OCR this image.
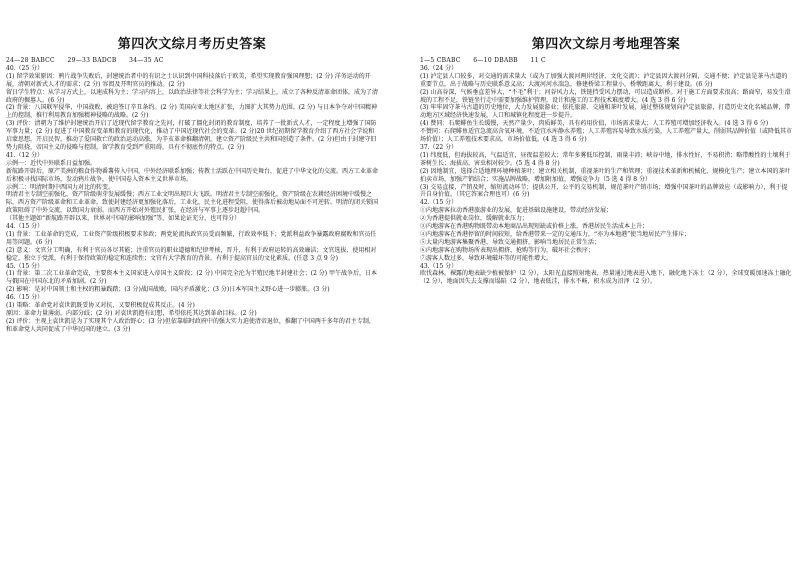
第四次文综月考历史答案

24—28 BABCC　　29—33 BADCB　　34—35 AC

40.（25 分）

(1) 留学效果原因：鸦片战争失败后，封建统治者中的有识之士认识到中国科技落后于欧美，希望实现教育强国理想；(2 分) 洋务运动的开展，清朝对新式人才的需求；(2 分) 容闳及开明官员的推动。(2 分)

留日学生特点：从学习方式上，以速成科为主；学习内容上，以政治法律等社会科学为主；学习结果上，成立了各种反清革命团体，成为了清政府的掘墓人。(6 分)

(2) 背景：八国联军侵华，中国战败，被迫签订辛丑条约。(2 分) 美国向亚太地区扩张，力图扩大其势力范围。(2 分) 与日本争夺对中国精神上的控制，推行利用教育加强精神侵略的战略。(2 分)

(3) 评价：清朝为了维护封建统治开启了近现代留学教育之先河，打破了僵化封闭的教育制度，培养了一批新式人才，一定程度上增强了国防军事力量；(2 分) 促进了中国教育变革和教育的现代化，推动了中国近现代社会的变革。(2 分)20 世纪初期留学教育介绍了西方社会学说和启蒙思想，开启民智，推动了爱国救亡的政治运动高涨，为辛亥革命推翻清朝，建立资产阶级民主共和国创造了条件。(2 分)但由于封建守旧势力阻挠，帝国主义的侵略与控制，留学教育受到严重阻碍，具有不彻底性的特点。(2 分)

41.（12 分）

示例一：近代中外联系日益加强。

新航路开辟后，原产美洲的粮食作物番薯传入中国，中外经济联系加强；传教士活跃在中国历史舞台，促进了中华文化的交流。西方工业革命后积极寻找国际市场，发动鸦片战争，使中国卷入资本主义世界市场。

示例二：明清时期中西国力对比的转变。

明清君主专制空前强化，资产阶级萌芽发展缓慢；西方工业文明出现巨大飞跃。明清君主专制空前强化，资产阶级在农耕经济困境中缓慢之际，西方资产阶级革命和工业革命，致使封建经济更加强化落后，工业化，民主化进程受阻，使得落后被动地局面不可逆转。明清的闭关锁国政策阻碍了中外交流，以致国力衰弱。而西方开始对外殖民扩张，在经济与军事上逐步赶超中国。

（其他主题如“新航路开辟以来，世界对中国的影响加强”等，如果论证充分，也可得分）

44.（15 分）

(1) 背景：工业革命的完成，工业资产阶级积极要求参政；两党轮流执政官员受而频繁，行政效率低下；党派利益政争暴露政府腐败和官员任用等问题。(6 分)

(2) 意义：文官分工明确，有利于官员各尽其能；注重官员的职业道德和纪律考核，晋升，有利于政府运转的高效廉洁；文官选拔、使用相对稳定，独立于党派，有利于保持政策的稳定和连续性；文官有大学教育的背景，有利于提高官员的文化素质。(任意 3 点 9 分)

45.（15 分）

(1) 背景：第二次工业革命完成，主要资本主义国家进入帝国主义阶段；(2 分) 中国完全沦为半殖民地半封建社会；(2 分) 甲午战争后，日本与俄国在中国东北的矛盾加剧。(2 分)

(2) 影响：是对中国领土和主权的粗暴践踏；(3 分)战国战败，国内矛盾激化；(3 分)日本军国主义野心进一步膨胀。(3 分)

46.（15 分）

(1) 策略：革命党对袁世凯既妥协又对抗，又要积极促成其反正。(4 分)

原因：革命力量薄弱，内部分歧；(2 分) 对袁世凯抱有幻想，希望依托其达到革命目标。(2 分)

(2) 评价：主观上袁世凯是为了实现其个人政治野心；(3 分)但依靠临时政府中的强大实力迫使清帝退位，推翻了中国两千多年的君主专制，和革命党人共同促成了中华民国的建立。(3 分)

第四次文综月考地理答案

1—5 CBABC　　6—10 DBABB　　11 C

36.（24 分）

(1) 泸定县人口较多，对交通的需求量大（或为了加强大渡河两岸经济、文化交流）；泸定县因大渡河分隔，交通不便；泸定县是茶马古道的重要节点，出于战略与历史联系意义高；大渡河河水湍急，修建桥梁工程量小，桥墩距离大，利于建设。(6 分)

(2) 山高谷深，气候垂直差异大，“不毛”利于；河谷风力大，铁链挡受风力摆动，可以造成断桥。对于施工方面要求很高；路面窄，易发生滑坡的工程不足，铁链坐行走中需要加强维护管理，设计和施工的工程技术难度增大。(4 选 3 得 6 分)

(3) 牢牢固守茶马古道的历史地位，大力发展旅游业；依托旅游、交通和茶叶发展，通过整体规划向泸定县旅游，打造历史文化名城品牌，带动地方区域经济快速发展，人口和城镇化程度进一步提升。

(4) 赞同：石爬鲱鱼生长缓慢，天然产量少，肉质鲜美，具有药用价值，市场需求量大；人工养殖可增加经济收入。(4 选 3 得 6 分)

不赞同：石爬鲱鱼适宜急流高含氧环境，不适宜水库静水养殖；人工养殖容易导致水质污染，人工养殖产量大，削弱其品牌价值（或降低其市场价值）；人工养殖技术要求高，市场价值低。(4 选 3 得 6 分)

37.（22 分）

(1) 纬度低，但海拔较高，气温适宜，昼夜温差较大；常年多雾低压控制，雨量丰沛；峡谷中地，排水性好，不易积涝；略带酸性的土壤利于茶树生长；海拔高，害虫相对较少。(5 选 4 得 8 分)

(2) 因地制宜，选择合适地理环境种植茶叶；建立相关机制，重视茶叶的生产和管理；重视技术革新和机械化、规模化生产；建立本国的茶叶拍卖市场，加强产销结合；实施品牌战略，增加附加值，增强竞争力（5 选 4 得 8 分）

(3) 交易直接，产销及时，缩短流动环节；提供公开、公平的交易机制，规范茶叶产销市场；增强中国茶叶的品牌效应（或影响力），利于提升自身价值。（其它答案合理也可）(6 分)

42.（15 分）

①内地游客拉动香港旅游业的发展，促进基础设施建设，带动经济发展；

②为香港提供就业岗位，缓解就业压力；

③内地游客在香港购物既带动本地商品出现短缺或价格上涨，香港居民生活成本上升；

④内地游客在香港停留的时间较短，给香港带来一定的交通压力，“亦为本地港”使当地居民产生排斥；

⑤大量内地游客集聚香港，导致交通拥挤，影响当地居民正常生活；

⑥内地游客在购物场所表现出拥挤、抢购等行为，破坏社会秩序；

⑦游客人数过多，导致环境破坏等的可能性增大。

43.（15 分）

欧伐森林，裸露的地表缺少植被保护（2 分），太阳光直接照射地表，热量通过地表进入地下，融化地下冻土（2 分），全球变暖加速冻土融化（2 分），地面因失去支撑而塌陷（2 分），地表低洼，排水不畅，积水成为沼泽（2 分）。
